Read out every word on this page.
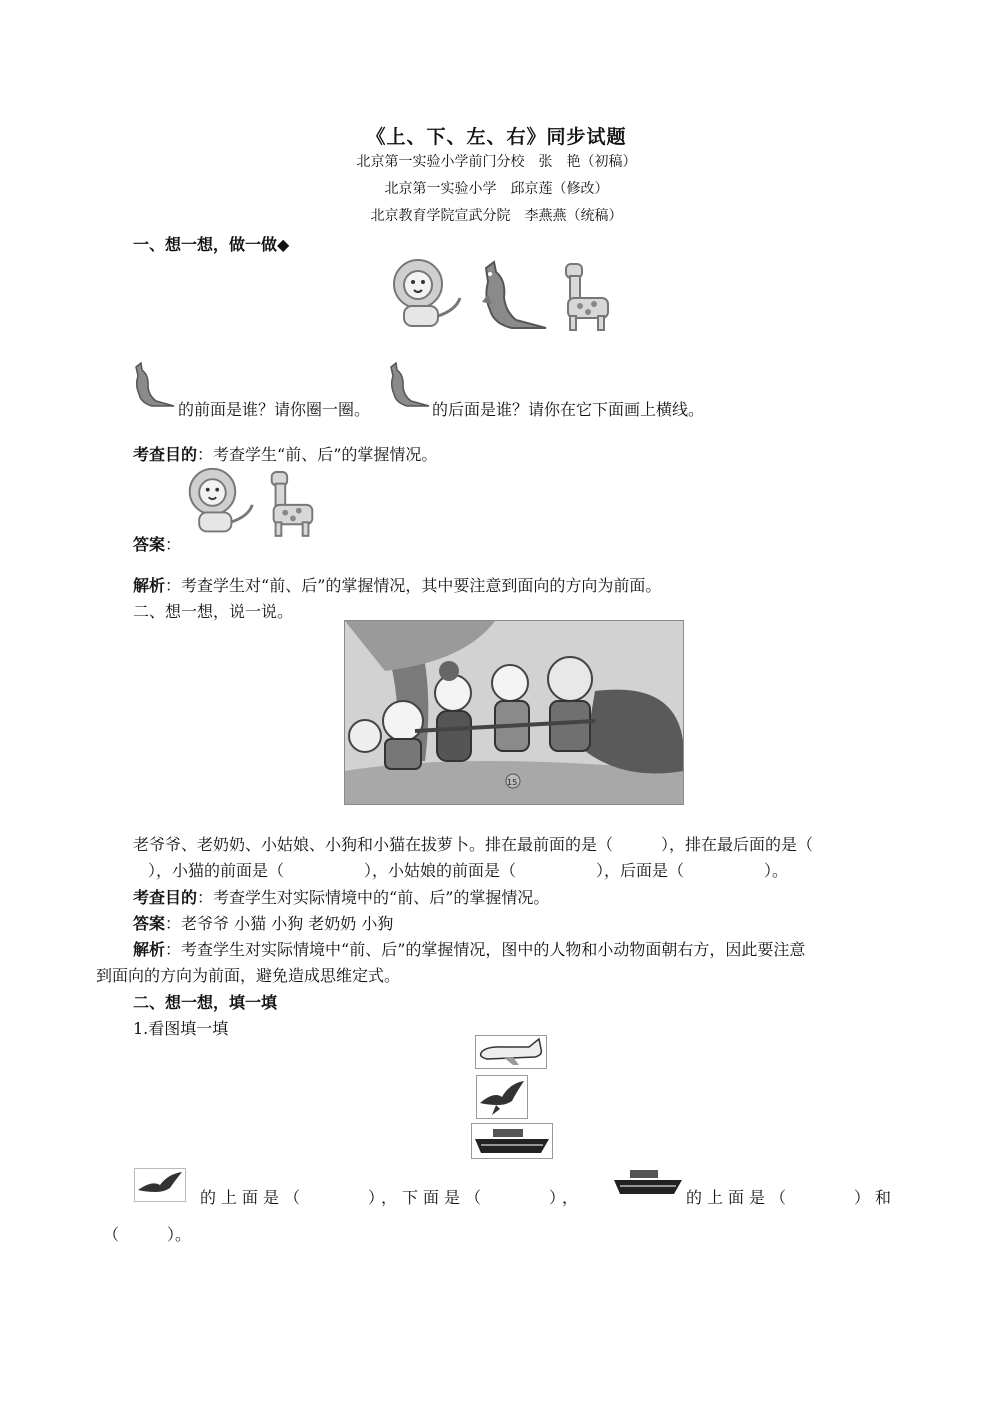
《上、下、左、右》同步试题
北京第一实验小学前门分校　张　艳（初稿）
北京第一实验小学　邱京莲（修改）
北京教育学院宣武分院　李燕燕（统稿）
一、想一想，做一做◆
的前面是谁？请你圈一圈。	的后面是谁？请你在它下面画上横线。
考查目的：考查学生“前、后”的掌握情况。
答案：
解析：考查学生对“前、后”的掌握情况，其中要注意到面向的方向为前面。
二、想一想，说一说。
15
老爷爷、老奶奶、小姑娘、小狗和小猫在拔萝卜。排在最前面的是（　　　），排在最后面的是（
），小猫的前面是（　　　　　），小姑娘的前面是（　　　　　），后面是（　　　　　）。
考查目的：考查学生对实际情境中的“前、后”的掌握情况。
答案：老爷爷 小猫 小狗 老奶奶 小狗
解析：考查学生对实际情境中“前、后”的掌握情况，图中的人物和小动物面朝右方，因此要注意
到面向的方向为前面，避免造成思维定式。
二、想一想，填一填
1.看图填一填
的上面是（　　　），下面是（　　　），	的上面是（　　　）和
（　　　）。
